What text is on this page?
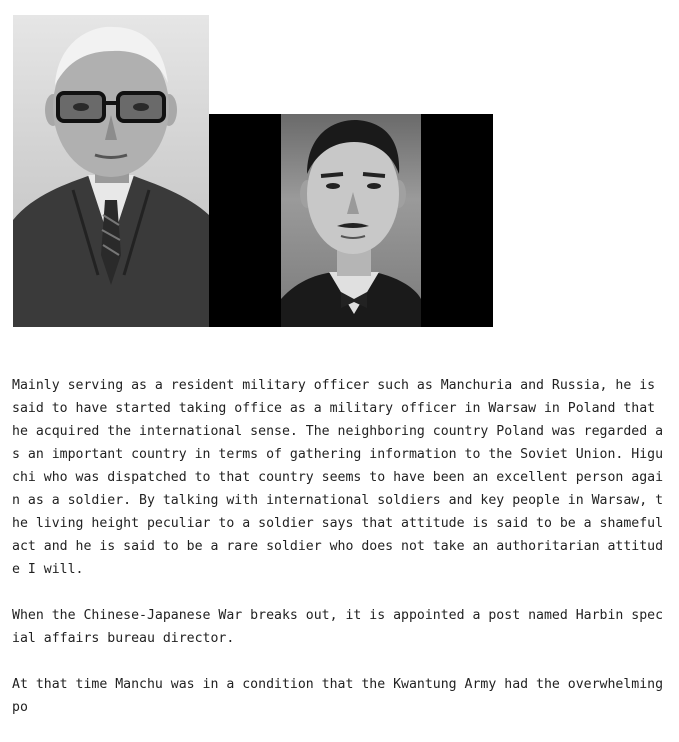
Mainly serving as a resident military officer such as Manchuria and Russia, he is said to have started taking office as a military officer in Warsaw in Poland that he acquired the international sense. The neighboring country Poland was regarded as an important country in terms of gathering information to the Soviet Union. Higuchi who was dispatched to that country seems to have been an excellent person again as a soldier. By talking with international soldiers and key people in Warsaw, the living height peculiar to a soldier says that attitude is said to be a shameful act and he is said to be a rare soldier who does not take an authoritarian attitude I will.

When the Chinese-Japanese War breaks out, it is appointed a post named Harbin special affairs bureau director.

At that time Manchu was in a condition that the Kwantung Army had the overwhelming po
